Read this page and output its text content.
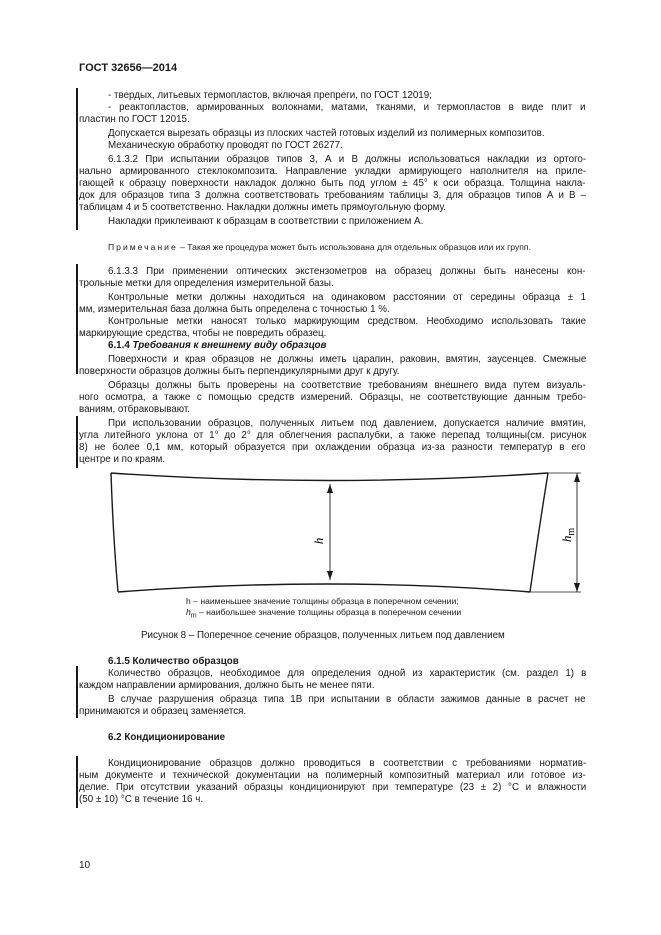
ГОСТ 32656—2014
- твердых, литьевых термопластов, включая препреги, по ГОСТ 12019;
- реактопластов, армированных волокнами, матами, тканями, и термопластов в виде плит и
пластин по ГОСТ 12015.
Допускается вырезать образцы из плоских частей готовых изделий из полимерных композитов.
Механическую обработку проводят по ГОСТ 26277.
6.1.3.2 При испытании образцов типов 3, А и В должны использоваться накладки из ортого-
нально армированного стеклокомпозита. Направление укладки армирующего наполнителя на приле-
гающей к образцу поверхности накладок должно быть под углом ± 45° к оси образца. Толщина накла-
док для образцов типа 3 должна соответствовать требованиям таблицы 3, для образцов типов А и В –
таблицам 4 и 5 соответственно. Накладки должны иметь прямоугольную форму.
Накладки приклеивают к образцам в соответствии с приложением А.
6.1.3.3 При применении оптических экстензометров на образец должны быть нанесены кон-
трольные метки для определения измерительной базы.
Контрольные метки должны находиться на одинаковом расстоянии от середины образца ± 1
мм, измерительная база должна быть определена с точностью 1 %.
Контрольные метки наносят только маркирующим средством. Необходимо использовать такие
маркирующие средства, чтобы не повредить образец.
Поверхности и края образцов не должны иметь царапин, раковин, вмятин, заусенцев. Смежные
поверхности образцов должны быть перпендикулярными друг к другу.
Образцы должны быть проверены на соответствие требованиям внешнего вида путем визуаль-
ного осмотра, а также с помощью средств измерений. Образцы, не соответствующие данным требо-
ваниям, отбраковывают.
При использовании образцов, полученных литьем под давлением, допускается наличие вмятин,
угла литейного уклона от 1° до 2° для облегчения распалубки, а также перепад толщины(см. рисунок
8) не более 0,1 мм, который образуется при охлаждении образца из-за разности температур в его
центре и по краям.
Количество образцов, необходимое для определения одной из характеристик (см. раздел 1) в
каждом направлении армирования, должно быть не менее пяти.
В случае разрушения образца типа 1В при испытании в области зажимов данные в расчет не
принимаются и образец заменяется.
Кондиционирование образцов должно проводиться в соответствии с требованиями норматив-
ным документе и технической документации на полимерный композитный материал или готовое из-
делие. При отсутствии указаний образцы кондиционируют при температуре (23 ± 2) °С и влажности
(50 ± 10) °С в течение 16 ч.
Примечание – Такая же процедура может быть использована для отдельных образцов или их групп.
6.1.4 Требования к внешнему виду образцов
h	$h_m$
h – наименьшее значение толщины образца в поперечном сечении;
$h_m$ – наибольшее значение толщины образца в поперечном сечении
Рисунок 8 – Поперечное сечение образцов, полученных литьем под давлением
6.1.5 Количество образцов
6.2 Кондиционирование
10
